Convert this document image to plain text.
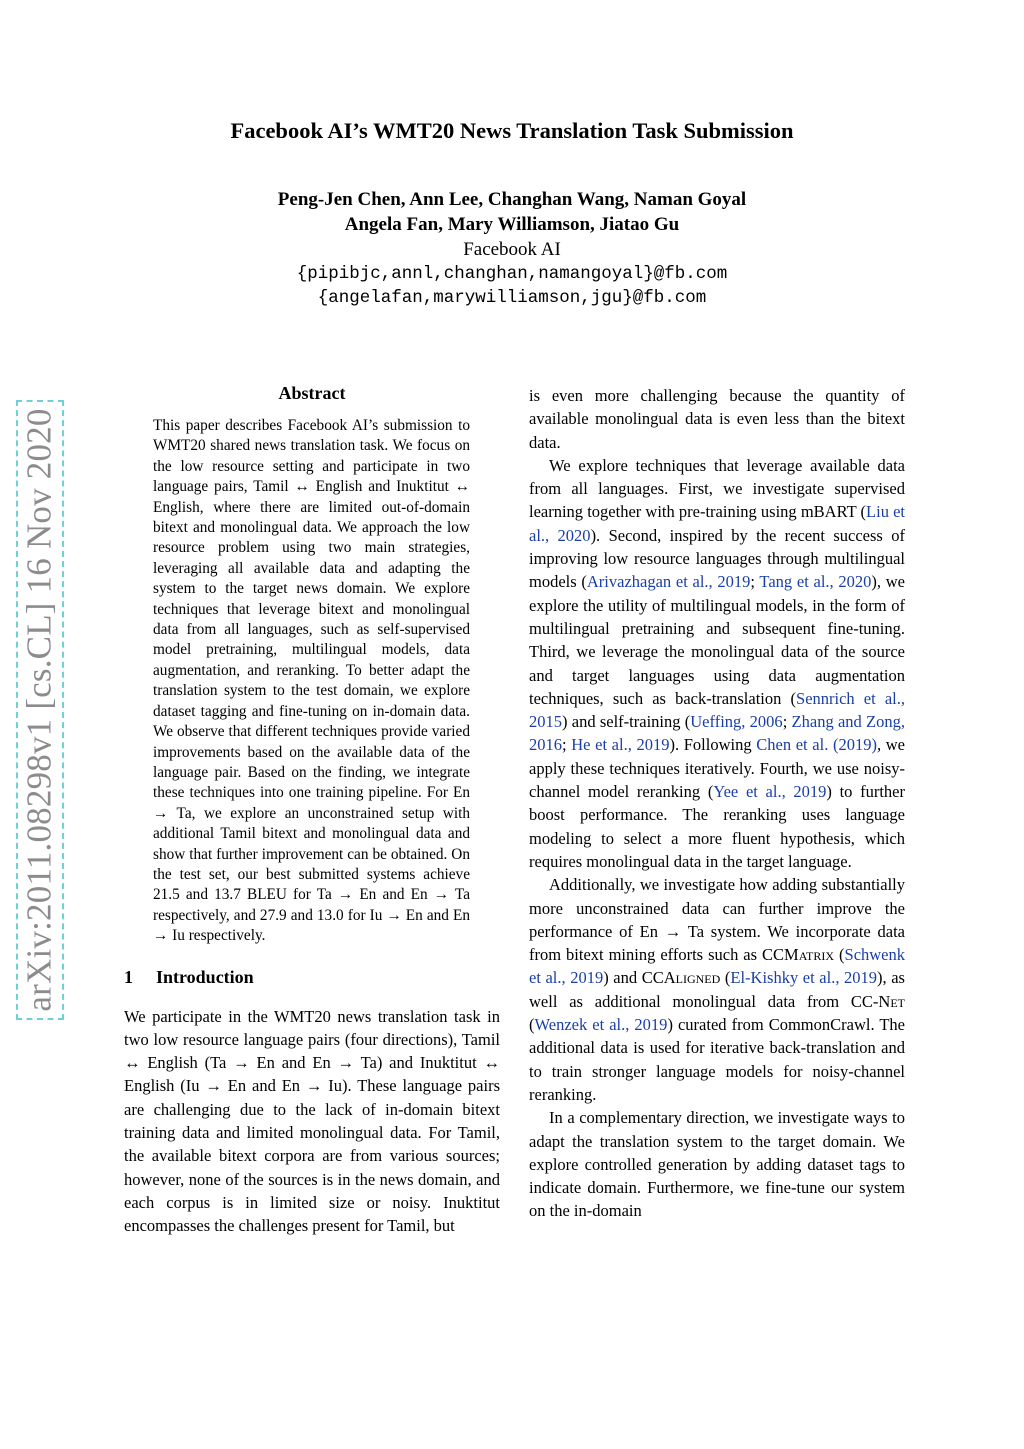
arXiv:2011.08298v1 [cs.CL] 16 Nov 2020
Facebook AI’s WMT20 News Translation Task Submission
Peng-Jen Chen, Ann Lee, Changhan Wang, Naman Goyal
Angela Fan, Mary Williamson, Jiatao Gu
Facebook AI
{pipibjc,annl,changhan,namangoyal}@fb.com
{angelafan,marywilliamson,jgu}@fb.com
Abstract
This paper describes Facebook AI’s submission to WMT20 shared news translation task. We focus on the low resource setting and participate in two language pairs, Tamil ↔ English and Inuktitut ↔ English, where there are limited out-of-domain bitext and monolingual data. We approach the low resource problem using two main strategies, leveraging all available data and adapting the system to the target news domain. We explore techniques that leverage bitext and monolingual data from all languages, such as self-supervised model pretraining, multilingual models, data augmentation, and reranking. To better adapt the translation system to the test domain, we explore dataset tagging and fine-tuning on in-domain data. We observe that different techniques provide varied improvements based on the available data of the language pair. Based on the finding, we integrate these techniques into one training pipeline. For En → Ta, we explore an unconstrained setup with additional Tamil bitext and monolingual data and show that further improvement can be obtained. On the test set, our best submitted systems achieve 21.5 and 13.7 BLEU for Ta → En and En → Ta respectively, and 27.9 and 13.0 for Iu → En and En → Iu respectively.
1 Introduction

We participate in the WMT20 news translation task in two low resource language pairs (four directions), Tamil ↔ English (Ta → En and En → Ta) and Inuktitut ↔ English (Iu → En and En → Iu). These language pairs are challenging due to the lack of in-domain bitext training data and limited monolingual data. For Tamil, the available bitext corpora are from various sources; however, none of the sources is in the news domain, and each corpus is in limited size or noisy. Inuktitut encompasses the challenges present for Tamil, but

is even more challenging because the quantity of available monolingual data is even less than the bitext data.

We explore techniques that leverage available data from all languages. First, we investigate supervised learning together with pre-training using mBART (Liu et al., 2020). Second, inspired by the recent success of improving low resource languages through multilingual models (Arivazhagan et al., 2019; Tang et al., 2020), we explore the utility of multilingual models, in the form of multilingual pretraining and subsequent fine-tuning. Third, we leverage the monolingual data of the source and target languages using data augmentation techniques, such as back-translation (Sennrich et al., 2015) and self-training (Ueffing, 2006; Zhang and Zong, 2016; He et al., 2019). Following Chen et al. (2019), we apply these techniques iteratively. Fourth, we use noisy-channel model reranking (Yee et al., 2019) to further boost performance. The reranking uses language modeling to select a more fluent hypothesis, which requires monolingual data in the target language.

Additionally, we investigate how adding substantially more unconstrained data can further improve the performance of En → Ta system. We incorporate data from bitext mining efforts such as CCMatrix (Schwenk et al., 2019) and CCAligned (El-Kishky et al., 2019), as well as additional monolingual data from CC-Net (Wenzek et al., 2019) curated from CommonCrawl. The additional data is used for iterative back-translation and to train stronger language models for noisy-channel reranking.

In a complementary direction, we investigate ways to adapt the translation system to the target domain. We explore controlled generation by adding dataset tags to indicate domain. Furthermore, we fine-tune our system on the in-domain
